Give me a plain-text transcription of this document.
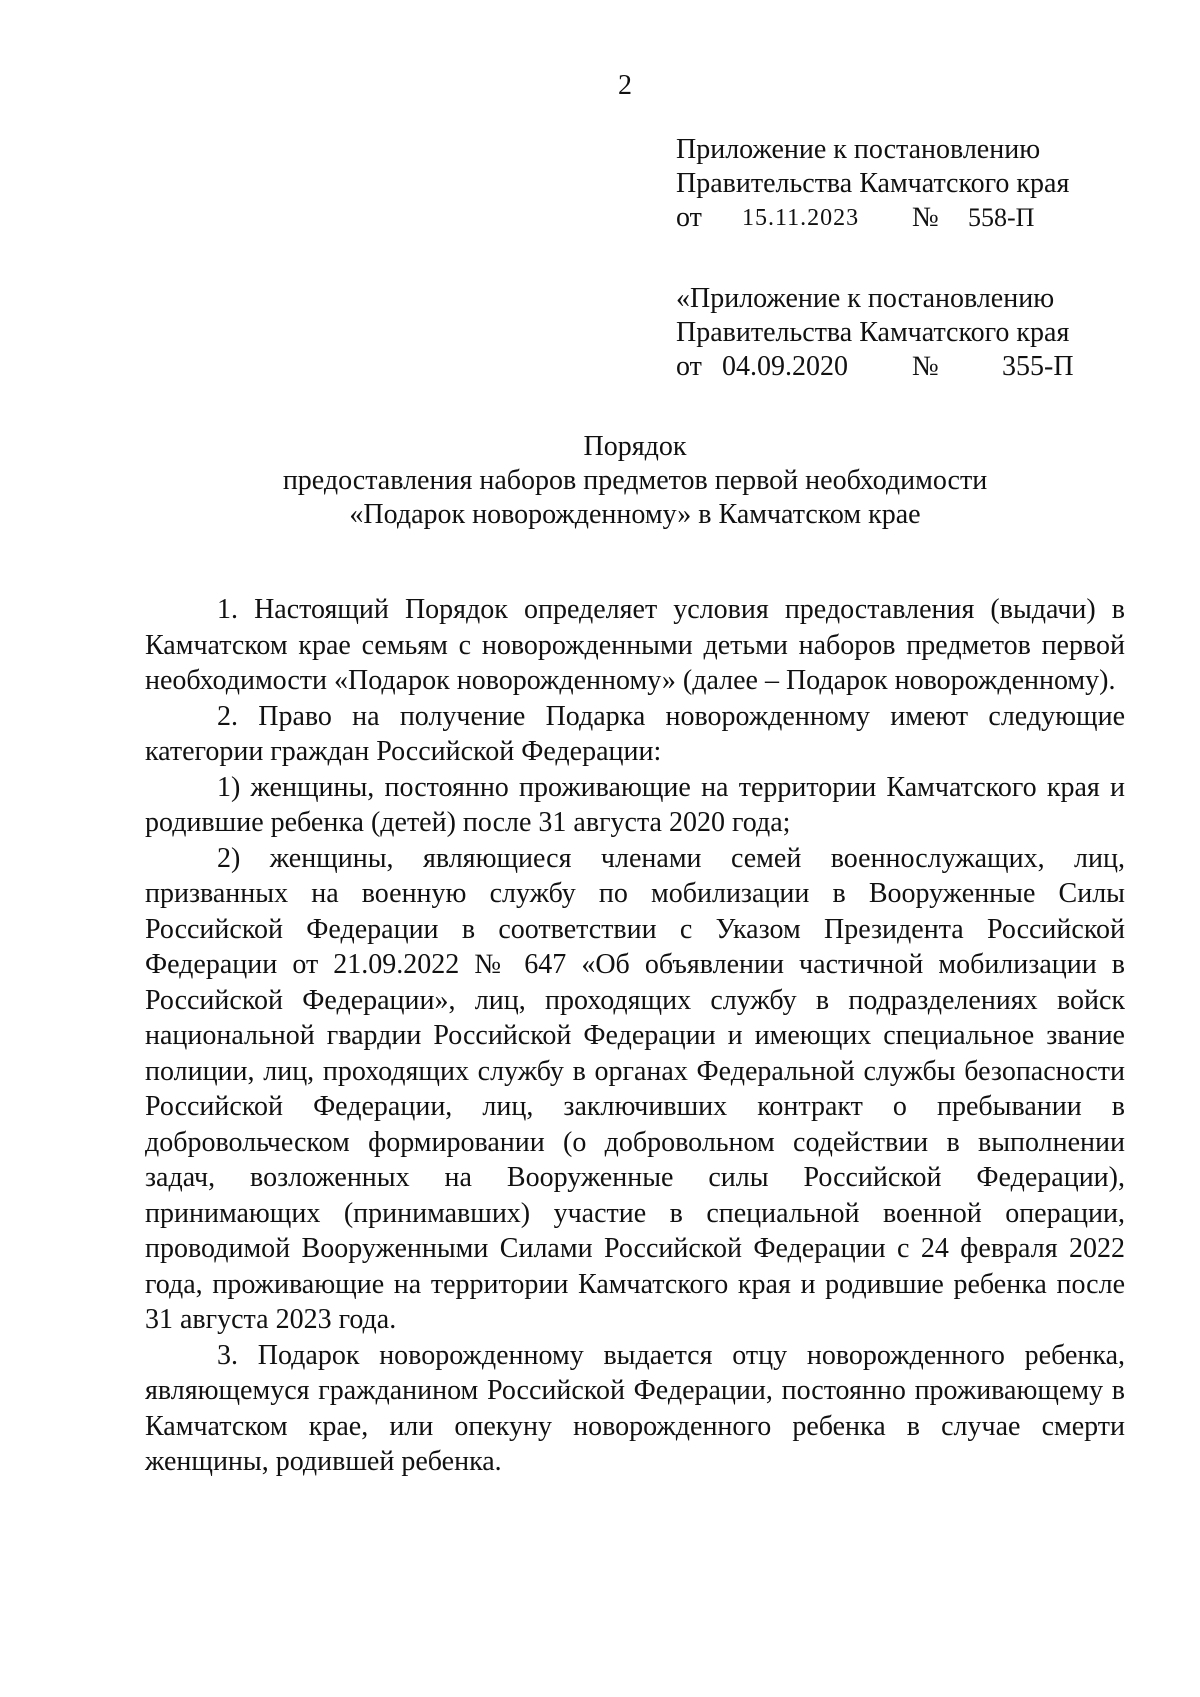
2
Приложение к постановлению
Правительства Камчатского края
от 15.11.2023 № 558-П
«Приложение к постановлению
Правительства Камчатского края
от 04.09.2020 № 355-П
Порядок
предоставления наборов предметов первой необходимости
«Подарок новорожденному» в Камчатском крае

1. Настоящий Порядок определяет условия предоставления (выдачи) в Камчатском крае семьям с новорожденными детьми наборов предметов первой необходимости «Подарок новорожденному» (далее – Подарок новорожденному).

2. Право на получение Подарка новорожденному имеют следующие категории граждан Российской Федерации:

1) женщины, постоянно проживающие на территории Камчатского края и родившие ребенка (детей) после 31 августа 2020 года;

2) женщины, являющиеся членами семей военнослужащих, лиц, призванных на военную службу по мобилизации в Вооруженные Силы Российской Федерации в соответствии с Указом Президента Российской Федерации от 21.09.2022 № 647 «Об объявлении частичной мобилизации в Российской Федерации», лиц, проходящих службу в подразделениях войск национальной гвардии Российской Федерации и имеющих специальное звание полиции, лиц, проходящих службу в органах Федеральной службы безопасности Российской Федерации, лиц, заключивших контракт о пребывании в добровольческом формировании (о добровольном содействии в выполнении задач, возложенных на Вооруженные силы Российской Федерации), принимающих (принимавших) участие в специальной военной операции, проводимой Вооруженными Силами Российской Федерации с 24 февраля 2022 года, проживающие на территории Камчатского края и родившие ребенка после 31 августа 2023 года.

3. Подарок новорожденному выдается отцу новорожденного ребенка, являющемуся гражданином Российской Федерации, постоянно проживающему в Камчатском крае, или опекуну новорожденного ребенка в случае смерти женщины, родившей ребенка.
